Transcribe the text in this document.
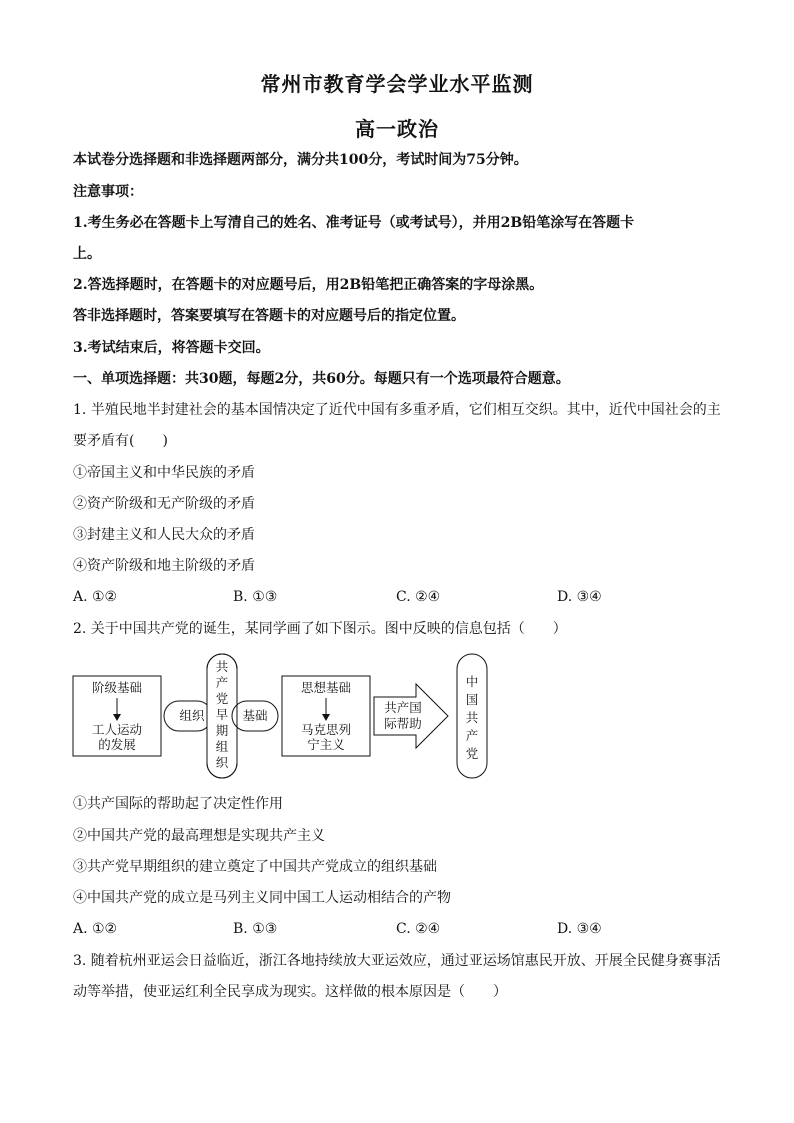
常州市教育学会学业水平监测
高一政治
本试卷分选择题和非选择题两部分，满分共100分，考试时间为75分钟。
注意事项：
1.考生务必在答题卡上写清自己的姓名、准考证号（或考试号），并用2B铅笔涂写在答题卡
上。
2.答选择题时，在答题卡的对应题号后，用2B铅笔把正确答案的字母涂黑。
答非选择题时，答案要填写在答题卡的对应题号后的指定位置。
3.考试结束后，将答题卡交回。
一、单项选择题：共30题，每题2分，共60分。每题只有一个选项最符合题意。
1. 半殖民地半封建社会的基本国情决定了近代中国有多重矛盾，它们相互交织。其中，近代中国社会的主
要矛盾有(　　)
①帝国主义和中华民族的矛盾
②资产阶级和无产阶级的矛盾
③封建主义和人民大众的矛盾
④资产阶级和地主阶级的矛盾
A. ①②	B. ①③	C. ②④	D. ③④
2. 关于中国共产党的诞生，某同学画了如下图示。图中反映的信息包括（　　）
阶级基础
工人运动
的发展
组织
共
产
党
早
期
组
织
基础
思想基础
马克思列
宁主义
共产国
际帮助
中
国
共
产
党
①共产国际的帮助起了决定性作用
②中国共产党的最高理想是实现共产主义
③共产党早期组织的建立奠定了中国共产党成立的组织基础
④中国共产党的成立是马列主义同中国工人运动相结合的产物
A. ①②	B. ①③	C. ②④	D. ③④
3. 随着杭州亚运会日益临近，浙江各地持续放大亚运效应，通过亚运场馆惠民开放、开展全民健身赛事活
动等举措，使亚运红利全民享成为现实。这样做的根本原因是（　　）
